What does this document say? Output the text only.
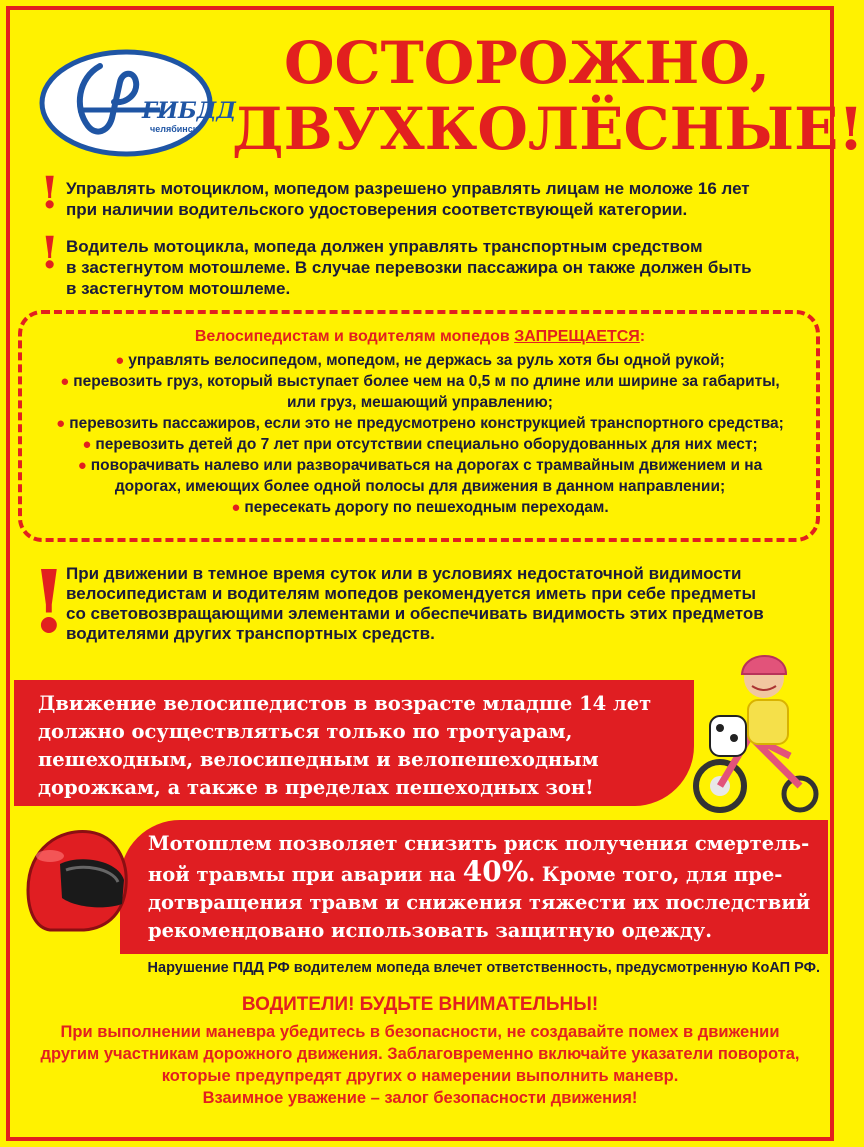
ГИБДД
челябинск
ОСТОРОЖНО,
ДВУХКОЛЁСНЫЕ!
! Управлять мотоциклом, мопедом разрешено управлять лицам не моложе 16 лет
при наличии водительского удостоверения соответствующей категории.
! Водитель мотоцикла, мопеда должен управлять транспортным средством
в застегнутом мотошлеме. В случае перевозки пассажира он также должен быть
в застегнутом мотошлеме.
Велосипедистам и водителям мопедов ЗАПРЕЩАЕТСЯ:
● управлять велосипедом, мопедом, не держась за руль хотя бы одной рукой;
● перевозить груз, который выступает более чем на 0,5 м по длине или ширине за габариты,
или груз, мешающий управлению;
● перевозить пассажиров, если это не предусмотрено конструкцией транспортного средства;
● перевозить детей до 7 лет при отсутствии специально оборудованных для них мест;
● поворачивать налево или разворачиваться на дорогах с трамвайным движением и на
дорогах, имеющих более одной полосы для движения в данном направлении;
● пересекать дорогу по пешеходным переходам.
!
При движении в темное время суток или в условиях недостаточной видимости
велосипедистам и водителям мопедов рекомендуется иметь при себе предметы
со световозвращающими элементами и обеспечивать видимость этих предметов
водителями других транспортных средств.
Движение велосипедистов в возрасте младше 14 лет
должно осуществляться только по тротуарам,
пешеходным, велосипедным и велопешеходным
дорожкам, а также в пределах пешеходных зон!
Мотошлем позволяет снизить риск получения смертель-
ной травмы при аварии на 40%. Кроме того, для пре-
дотвращения травм и снижения тяжести их последствий
рекомендовано использовать защитную одежду.
Нарушение ПДД РФ водителем мопеда влечет ответственность, предусмотренную КоАП РФ.
ВОДИТЕЛИ! БУДЬТЕ ВНИМАТЕЛЬНЫ!
При выполнении маневра убедитесь в безопасности, не создавайте помех в движении
другим участникам дорожного движения. Заблаговременно включайте указатели поворота,
которые предупредят других о намерении выполнить маневр.
Взаимное уважение – залог безопасности движения!
